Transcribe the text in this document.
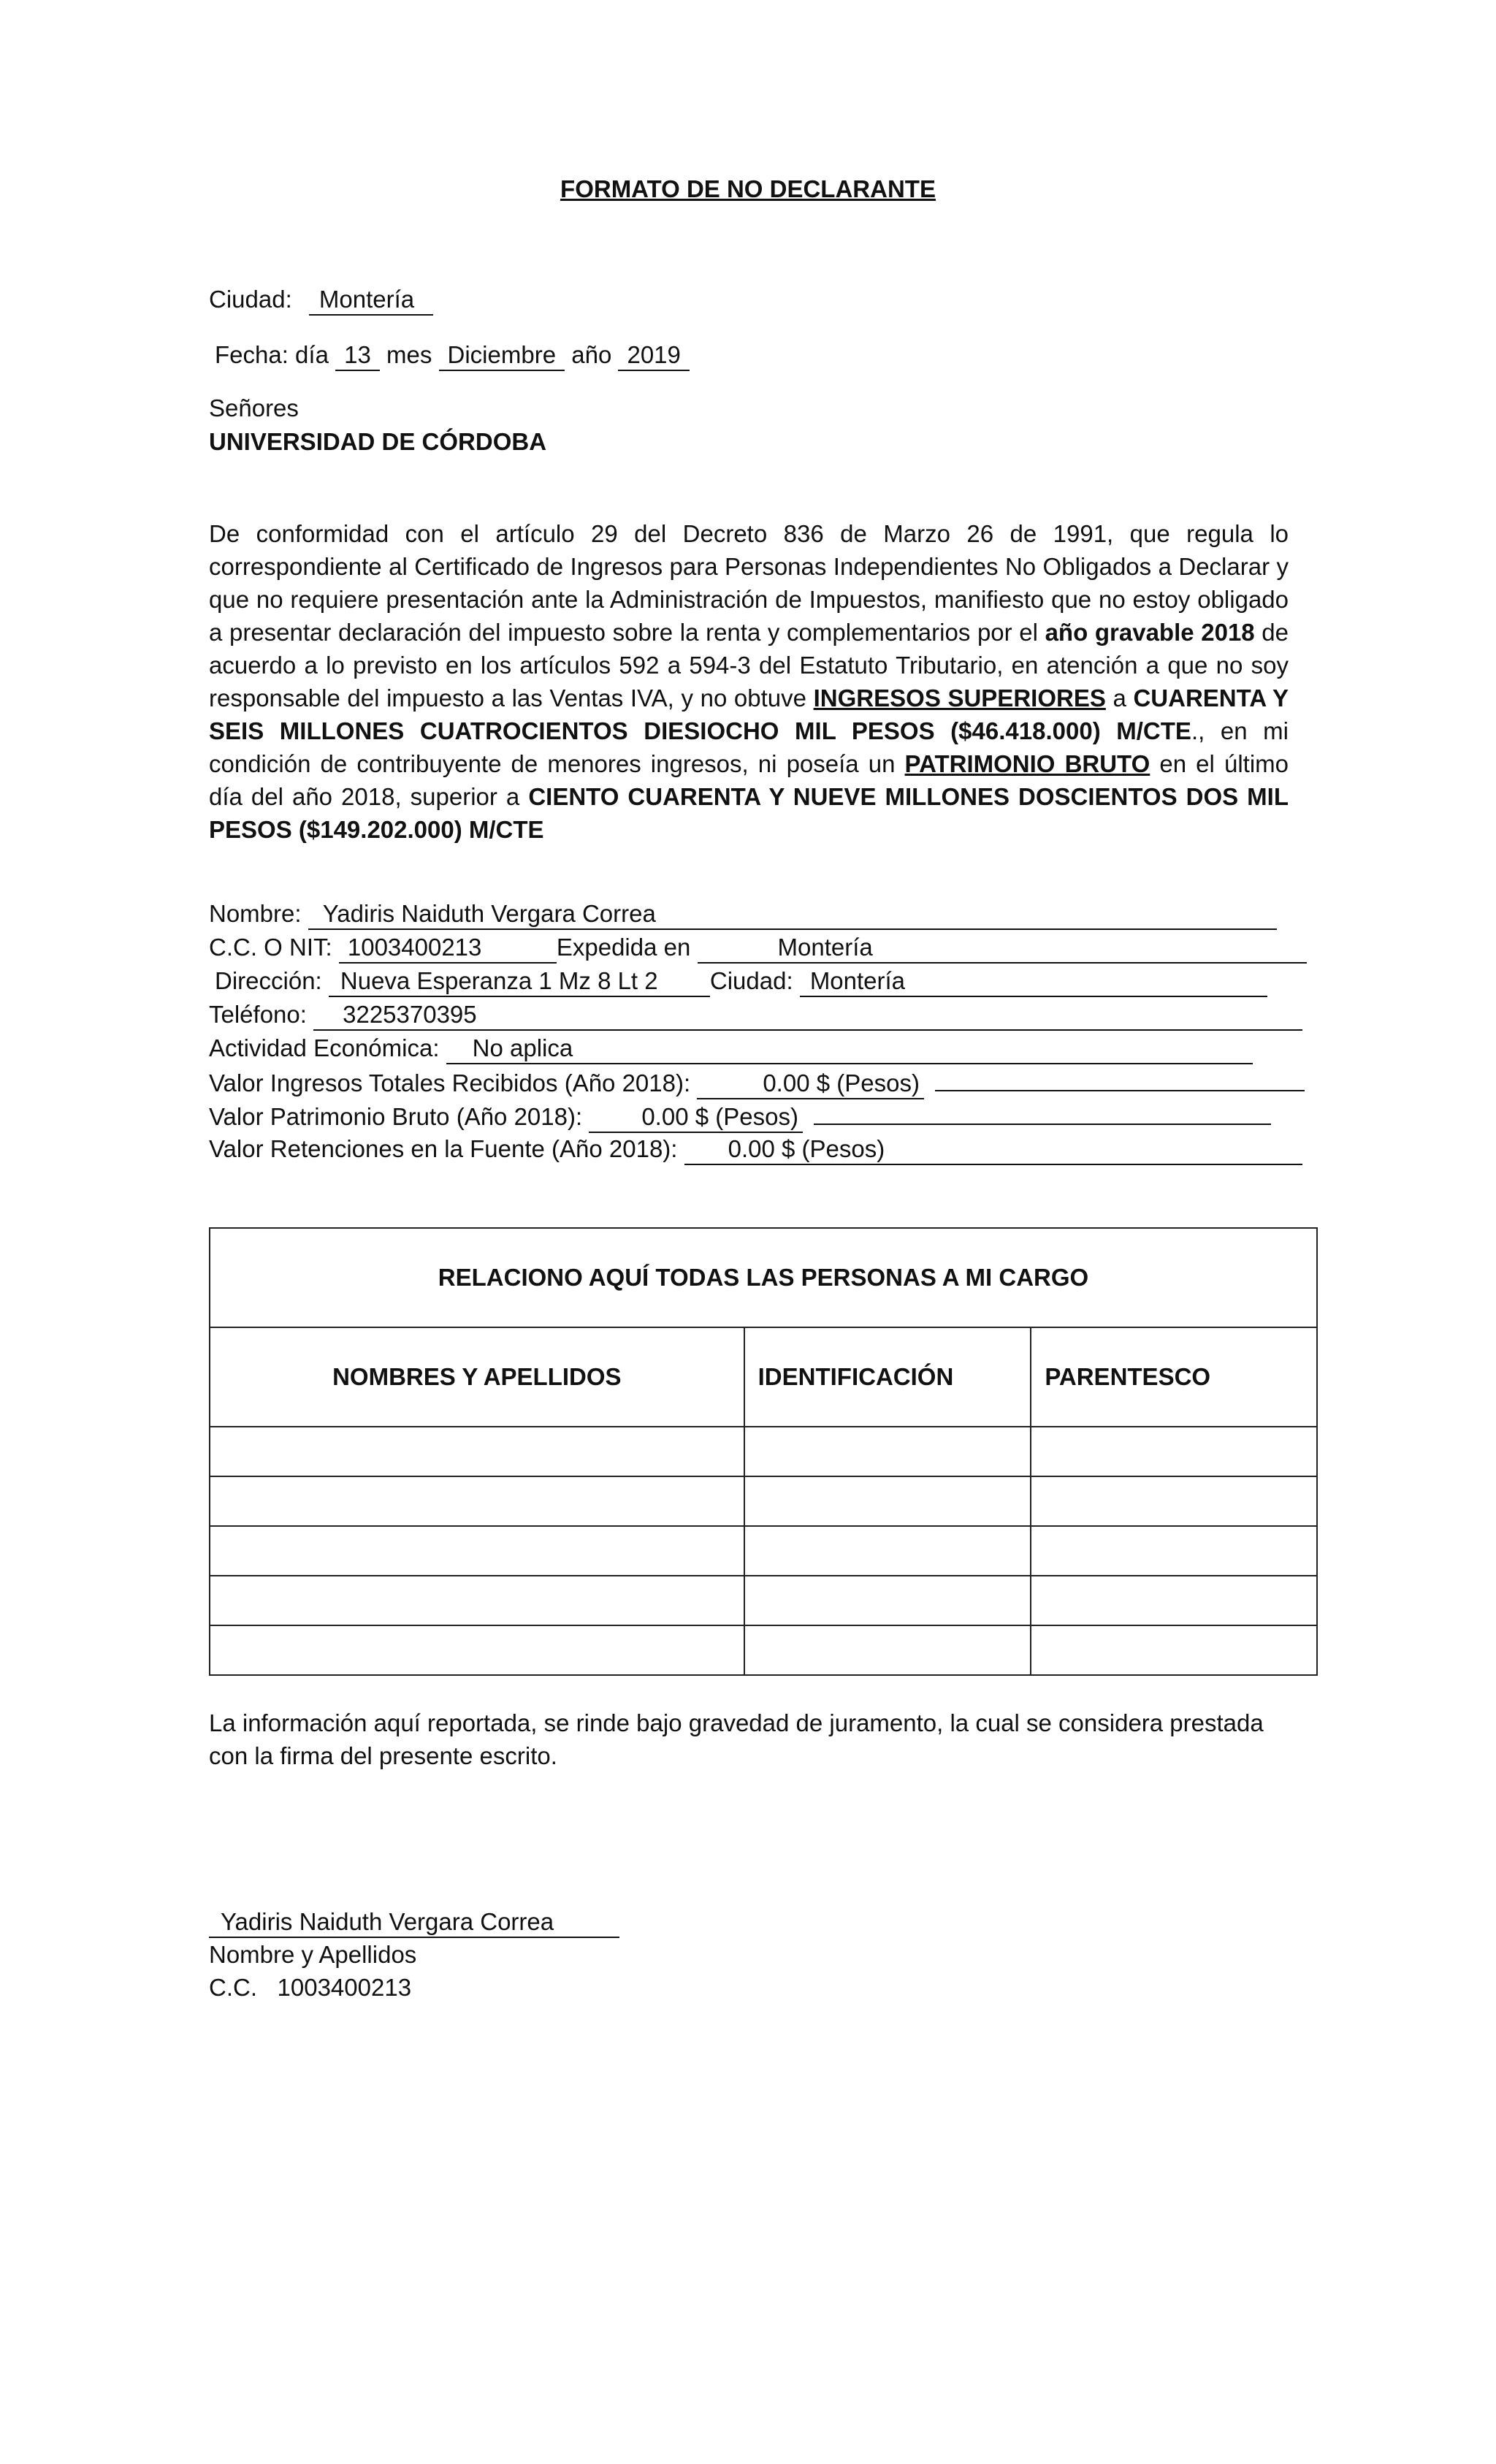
FORMATO DE NO DECLARANTE
Ciudad: Montería
Fecha: día 13 mes Diciembre año 2019
Señores
UNIVERSIDAD DE CÓRDOBA
De conformidad con el artículo 29 del Decreto 836 de Marzo 26 de 1991, que regula lo correspondiente al Certificado de Ingresos para Personas Independientes No Obligados a Declarar y que no requiere presentación ante la Administración de Impuestos, manifiesto que no estoy obligado a presentar declaración del impuesto sobre la renta y complementarios por el año gravable 2018 de acuerdo a lo previsto en los artículos 592 a 594-3 del Estatuto Tributario, en atención a que no soy responsable del impuesto a las Ventas IVA, y no obtuve INGRESOS SUPERIORES a CUARENTA Y SEIS MILLONES CUATROCIENTOS DIESIOCHO MIL PESOS ($46.418.000) M/CTE., en mi condición de contribuyente de menores ingresos, ni poseía un PATRIMONIO BRUTO en el último día del año 2018, superior a CIENTO CUARENTA Y NUEVE MILLONES DOSCIENTOS DOS MIL PESOS ($149.202.000) M/CTE
Nombre: Yadiris Naiduth Vergara Correa
C.C. O NIT: 1003400213	Expedida en	Montería
Dirección: Nueva Esperanza 1 Mz 8 Lt 2 Ciudad: Montería
Teléfono: 3225370395
Actividad Económica: No aplica
Valor Ingresos Totales Recibidos (Año 2018):	0.00 $ (Pesos)
Valor Patrimonio Bruto (Año 2018): 0.00 $ (Pesos)
Valor Retenciones en la Fuente (Año 2018): 0.00 $ (Pesos)
RELACIONO AQUÍ TODAS LAS PERSONAS A MI CARGO		
NOMBRES Y APELLIDOS	IDENTIFICACIÓN	PARENTESCO

La información aquí reportada, se rinde bajo gravedad de juramento, la cual se considera prestada con la firma del presente escrito.
Yadiris Naiduth Vergara Correa
Nombre y Apellidos
C.C. 1003400213
